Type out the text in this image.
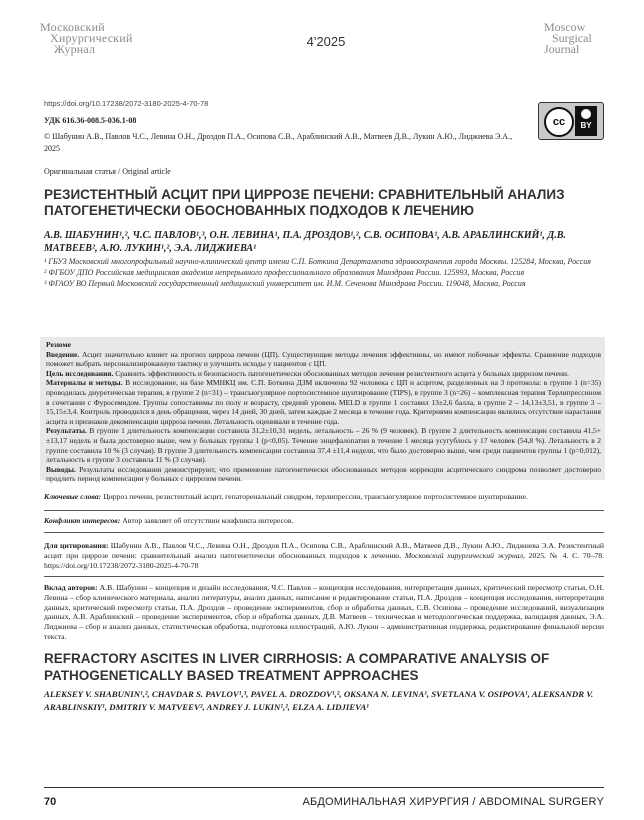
Московский
Хирургический
Журнал	4'2025
Moscow
Surgical
Journal
https://doi.org/10.17238/2072-3180-2025-4-70-78
УДК 616.36-008.5-036.1-08
© Шабунин А.В., Павлов Ч.С., Левина О.Н., Дроздов П.А., Осипова С.В., Араблинский А.В., Матвеев Д.В., Лукин А.Ю., Лиджиева Э.А., 2025
Оригинальная статья / Original article
cc	BY
РЕЗИСТЕНТНЫЙ АСЦИТ ПРИ ЦИРРОЗЕ ПЕЧЕНИ: СРАВНИТЕЛЬНЫЙ АНАЛИЗ ПАТОГЕНЕТИЧЕСКИ ОБОСНОВАННЫХ ПОДХОДОВ К ЛЕЧЕНИЮ
А.В. ШАБУНИН¹,², Ч.С. ПАВЛОВ¹,³, О.Н. ЛЕВИНА¹, П.А. ДРОЗДОВ¹,², С.В. ОСИПОВА¹, А.В. АРАБЛИНСКИЙ¹, Д.В. МАТВЕЕВ², А.Ю. ЛУКИН¹,², Э.А. ЛИДЖИЕВА¹
¹ ГБУЗ Московский многопрофильный научно-клинический центр имени С.П. Боткина Департамента здравоохранения города Москвы. 125284, Москва, Россия
² ФГБОУ ДПО Российская медицинская академия непрерывного профессионального образования Минздрава России. 125993, Москва, Россия
³ ФГАОУ ВО Первый Московский государственный медицинский университет им. И.М. Сеченова Минздрава России. 119048, Москва, Россия
Резюме
Введение. Асцит значительно влияет на прогноз цирроза печени (ЦП). Существующие методы лечения эффективны, но имеют побочные эффекты. Сравнение подходов поможет выбрать персонализированную тактику и улучшить исходы у пациентов с ЦП.
Цель исследования. Сравнить эффективность и безопасность патогенетически обоснованных методов лечения резистентного асцита у больных циррозом печени.
Материалы и методы. В исследование, на базе ММНКЦ им. С.П. Боткина ДЗМ включены 92 человека с ЦП и асцитом, разделенных на 3 протокола: в группе 1 (n=35) проводилась диуретическая терапия, в группе 2 (n=31) – трансъюгулярное портосистемное шунтирование (TIPS), в группе 3 (n=26) – комплексная терапия Терлипрессином в сочетании с Фуросемидом. Группы сопоставимы по полу и возрасту, средний уровень MELD в группе 1 составил 13±2,6 балла, в группе 2 – 14,13±3,51, в группе 3 – 15,15±3,4. Контроль проводился в день обращения, через 14 дней, 30 дней, затем каждые 2 месяца в течение года. Критериями компенсации являлись отсутствие нарастания асцита и признаков декомпенсации цирроза печени. Летальность оценивали в течение года.
Результаты. В группе 1 длительность компенсации составила 31,2±10,31 недель, летальность – 26 % (9 человек). В группе 2 длительность компенсации составила 41,5+±13,17 недель и была достоверно выше, чем у больных группы 1 (p<0,05). Течение энцефалопатии в течение 1 месяца усугублось у 17 человек (54,8 %). Летальность в 2 группе составила 10 % (3 случая). В группе 3 длительность компенсации составила 37,4 ±11,4 недели, что было достоверно выше, чем среди пациентов группы 1 (p=0,012), летальность в группе 3 составила 11 % (3 случая).
Выводы. Результаты исследования демонстрируют, что применение патогенетически обоснованных методов коррекции асцитического синдрома позволяет достоверно продлить период компенсации у больных с циррозом печени.
Ключевые слова: Цирроз печени, резистентный асцит, гепаторенальный синдром, терлипрессин, трансъюгулярное портосистемное шунтирование.
Конфликт интересов: Автор заявляет об отсутствии конфликта интересов.
Для цитирования: Шабунин А.В., Павлов Ч.С., Левина О.Н., Дроздов П.А., Осипова С.В., Араблинский А.В., Матвеев Д.В., Лукин А.Ю., Лиджиева Э.А. Резистентный асцит при циррозе печени: сравнительный анализ патогенетически обоснованных подходов к лечению. Московский хирургический журнал, 2025. № 4. С. 70–78. https://doi.org/10.17238/2072-3180-2025-4-70-78
Вклад авторов: А.В. Шабунин – концепция и дизайн исследования, Ч.С. Павлов – концепция исследования, интерпретация данных, критический пересмотр статьи, О.Н. Левина – сбор клинического материала, анализ литературы, анализ данных, написание и редактирование статьи, П.А. Дроздов – концепция исследования, интерпретация данных, критический пересмотр статьи, П.А. Дроздов – проведение экспериментов, сбор и обработка данных, С.В. Осипова – проведение исследований, визуализация данных, А.В. Араблинский – проведение экспериментов, сбор и обработка данных, Д.В. Матвеев – техническая и методологическая поддержка, валидация данных, Э.А. Лиджиева – сбор и анализ данных, статистическая обработка, подготовка иллюстраций, А.Ю. Лукин – административная поддержка, редактирование финальной версии текста.
REFRACTORY ASCITES IN LIVER CIRRHOSIS: A COMPARATIVE ANALYSIS OF PATHOGENETICALLY BASED TREATMENT APPROACHES
ALEKSEY V. SHABUNIN¹,², CHAVDAR S. PAVLOV¹,³, PAVEL A. DROZDOV¹,², OKSANA N. LEVINA¹, SVETLANA V. OSIPOVA¹, ALEKSANDR V. ARABLINSKIY¹, DMITRIY V. MATVEEV², ANDREY J. LUKIN¹,², ELZA A. LIDJIEVA¹
70	АБДОМИНАЛЬНАЯ ХИРУРГИЯ / ABDOMINAL SURGERY
